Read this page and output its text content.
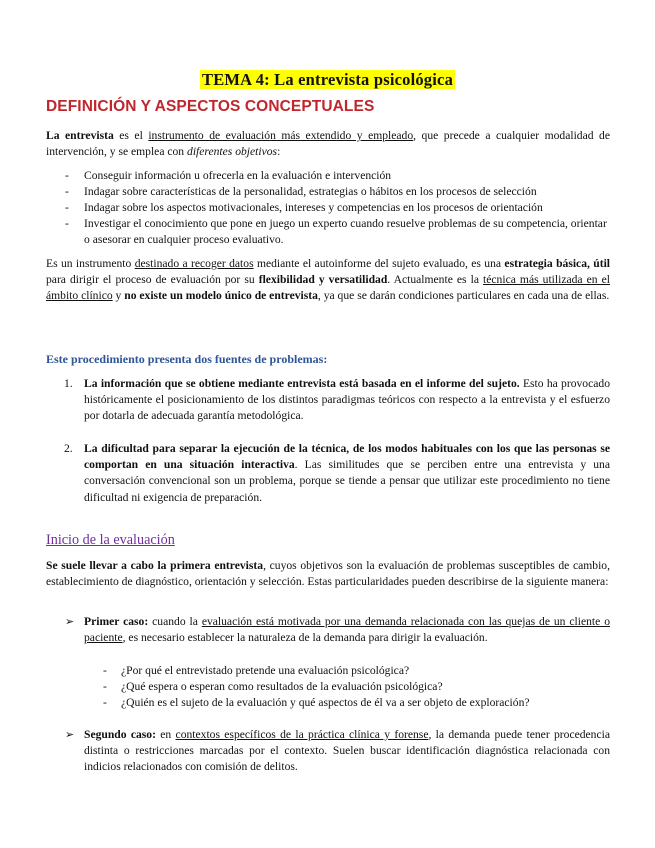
TEMA 4: La entrevista psicológica
DEFINICIÓN Y ASPECTOS CONCEPTUALES
La entrevista es el instrumento de evaluación más extendido y empleado, que precede a cualquier modalidad de intervención, y se emplea con diferentes objetivos:
- Conseguir información u ofrecerla en la evaluación e intervención
- Indagar sobre características de la personalidad, estrategias o hábitos en los procesos de selección
- Indagar sobre los aspectos motivacionales, intereses y competencias en los procesos de orientación
- Investigar el conocimiento que pone en juego un experto cuando resuelve problemas de su competencia, orientar o asesorar en cualquier proceso evaluativo.
Es un instrumento destinado a recoger datos mediante el autoinforme del sujeto evaluado, es una estrategia básica, útil para dirigir el proceso de evaluación por su flexibilidad y versatilidad. Actualmente es la técnica más utilizada en el ámbito clínico y no existe un modelo único de entrevista, ya que se darán condiciones particulares en cada una de ellas.
Este procedimiento presenta dos fuentes de problemas:
1. La información que se obtiene mediante entrevista está basada en el informe del sujeto. Esto ha provocado históricamente el posicionamiento de los distintos paradigmas teóricos con respecto a la entrevista y el esfuerzo por dotarla de adecuada garantía metodológica.
2. La dificultad para separar la ejecución de la técnica, de los modos habituales con los que las personas se comportan en una situación interactiva. Las similitudes que se perciben entre una entrevista y una conversación convencional son un problema, porque se tiende a pensar que utilizar este procedimiento no tiene dificultad ni exigencia de preparación.
Inicio de la evaluación
Se suele llevar a cabo la primera entrevista, cuyos objetivos son la evaluación de problemas susceptibles de cambio, establecimiento de diagnóstico, orientación y selección. Estas particularidades pueden describirse de la siguiente manera:
➢ Primer caso: cuando la evaluación está motivada por una demanda relacionada con las quejas de un cliente o paciente, es necesario establecer la naturaleza de la demanda para dirigir la evaluación.
- ¿Por qué el entrevistado pretende una evaluación psicológica?
- ¿Qué espera o esperan como resultados de la evaluación psicológica?
- ¿Quién es el sujeto de la evaluación y qué aspectos de él va a ser objeto de exploración?
➢ Segundo caso: en contextos específicos de la práctica clínica y forense, la demanda puede tener procedencia distinta o restricciones marcadas por el contexto. Suelen buscar identificación diagnóstica relacionada con indicios relacionados con comisión de delitos.
